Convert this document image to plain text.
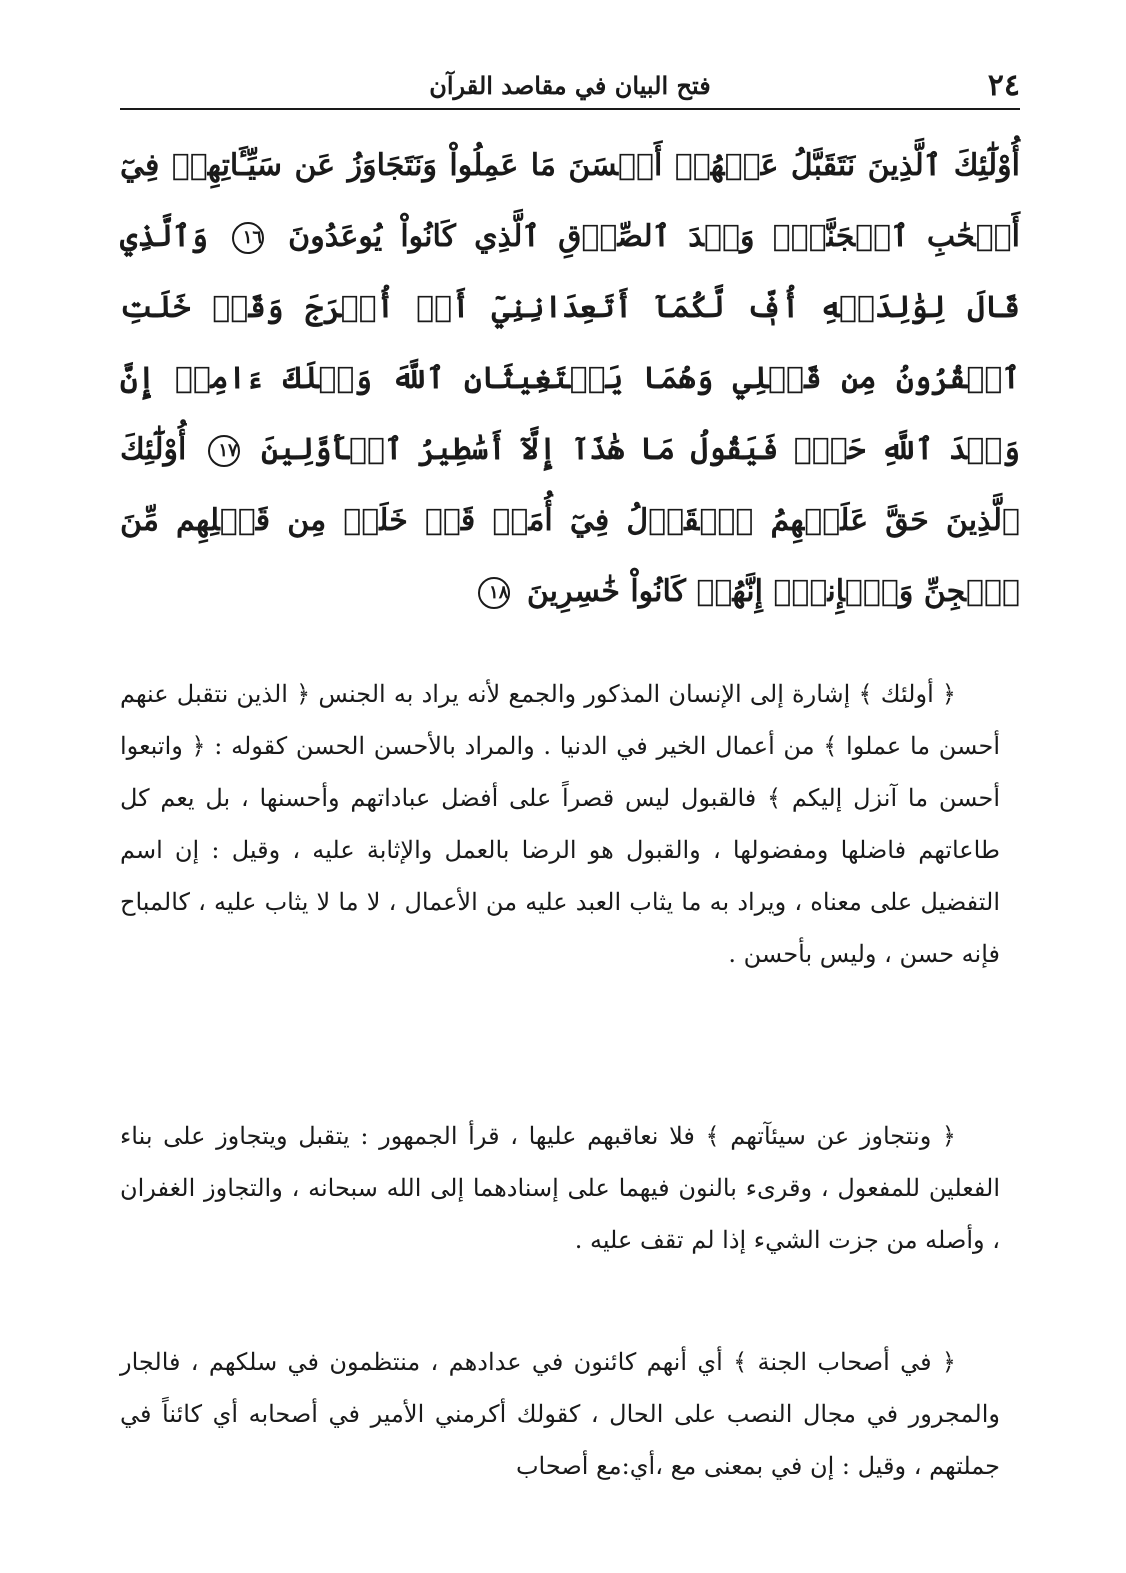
٢٤
فتح البيان في مقاصد القرآن
أُوْلَٰٓئِكَ ٱلَّذِينَ نَتَقَبَّلُ عَنۡهُمۡ أَحۡسَنَ مَا عَمِلُواْ وَنَتَجَاوَزُ عَن سَيِّـَٔاتِهِمۡ فِيٓ أَصۡحَٰبِ ٱلۡجَنَّةِۖ وَعۡدَ ٱلصِّدۡقِ ٱلَّذِي كَانُواْ يُوعَدُونَ ١٦ وَٱلَّذِي قَالَ لِوَٰلِدَيۡهِ أُفّٖ لَّكُمَآ أَتَعِدَانِنِيٓ أَنۡ أُخۡرَجَ وَقَدۡ خَلَتِ ٱلۡقُرُونُ مِن قَبۡلِي وَهُمَا يَسۡتَغِيثَانِ ٱللَّهَ وَيۡلَكَ ءَامِنۡ إِنَّ وَعۡدَ ٱللَّهِ حَقّٞ فَيَقُولُ مَا هَٰذَآ إِلَّآ أَسَٰطِيرُ ٱلۡأَوَّلِينَ ١٧ أُوْلَٰٓئِكَ ٱلَّذِينَ حَقَّ عَلَيۡهِمُ ٱلۡقَوۡلُ فِيٓ أُمَمٖ قَدۡ خَلَتۡ مِن قَبۡلِهِم مِّنَ ٱلۡجِنِّ وَٱلۡإِنسِۖ إِنَّهُمۡ كَانُواْ خَٰسِرِينَ ١٨

﴿ أولئك ﴾ إشارة إلى الإنسان المذكور والجمع لأنه يراد به الجنس ﴿ الذين نتقبل عنهم أحسن ما عملوا ﴾ من أعمال الخير في الدنيا . والمراد بالأحسن الحسن كقوله : ﴿ واتبعوا أحسن ما آنزل إليكم ﴾ فالقبول ليس قصراً على أفضل عباداتهم وأحسنها ، بل يعم كل طاعاتهم فاضلها ومفضولها ، والقبول هو الرضا بالعمل والإثابة عليه ، وقيل : إن اسم التفضيل على معناه ، ويراد به ما يثاب العبد عليه من الأعمال ، لا ما لا يثاب عليه ، كالمباح فإنه حسن ، وليس بأحسن .

﴿ ونتجاوز عن سيئآتهم ﴾ فلا نعاقبهم عليها ، قرأ الجمهور : يتقبل ويتجاوز على بناء الفعلين للمفعول ، وقرىء بالنون فيهما على إسنادهما إلى الله سبحانه ، والتجاوز الغفران ، وأصله من جزت الشيء إذا لم تقف عليه .

﴿ في أصحاب الجنة ﴾ أي أنهم كائنون في عدادهم ، منتظمون في سلكهم ، فالجار والمجرور في مجال النصب على الحال ، كقولك أكرمني الأمير في أصحابه أي كائناً في جملتهم ، وقيل : إن في بمعنى مع ،أي:مع أصحاب
